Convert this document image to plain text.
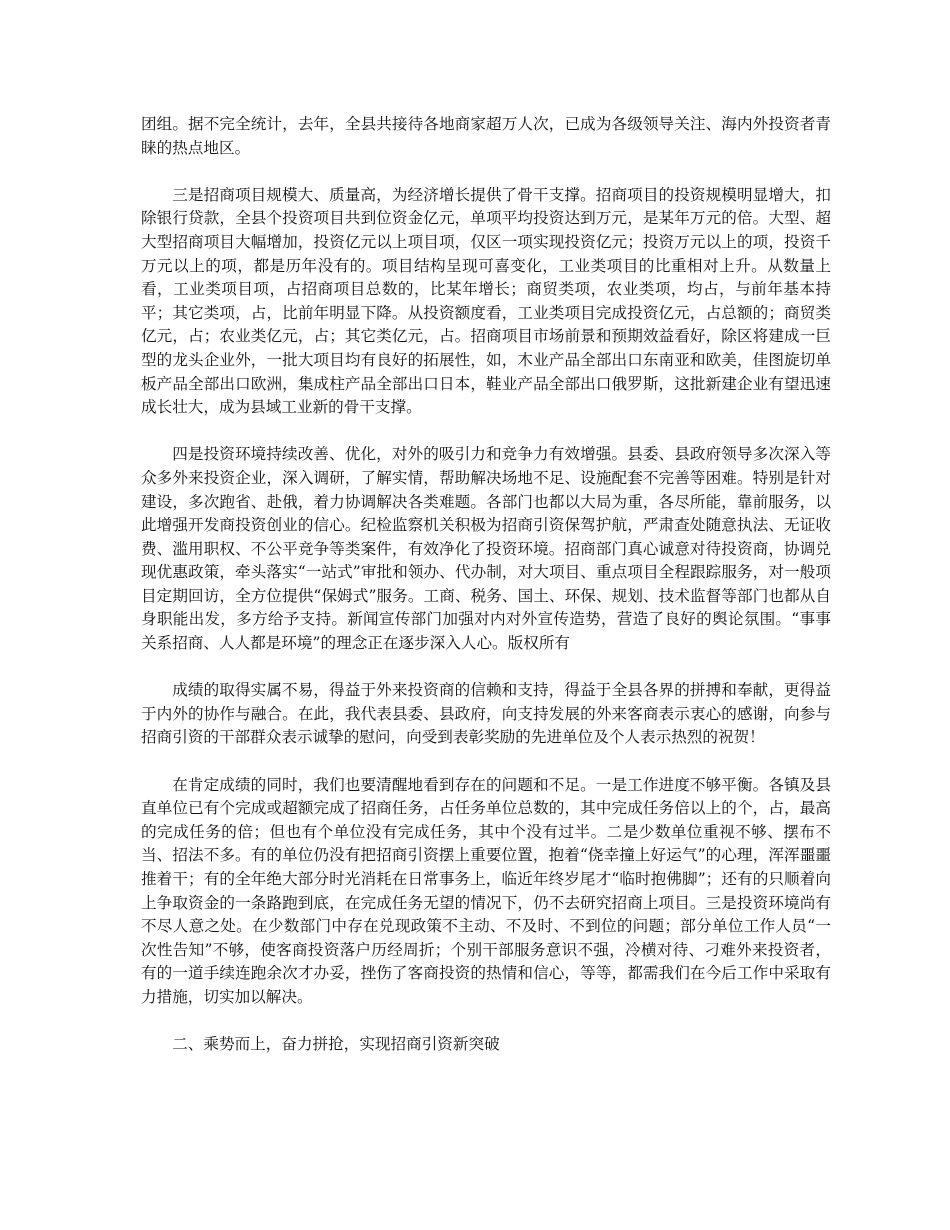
团组。据不完全统计，去年，全县共接待各地商家超万人次，已成为各级领导关注、海内外投资者青睐的热点地区。

三是招商项目规模大、质量高，为经济增长提供了骨干支撑。招商项目的投资规模明显增大，扣除银行贷款，全县个投资项目共到位资金亿元，单项平均投资达到万元，是某年万元的倍。大型、超大型招商项目大幅增加，投资亿元以上项目项，仅区一项实现投资亿元；投资万元以上的项，投资千万元以上的项，都是历年没有的。项目结构呈现可喜变化，工业类项目的比重相对上升。从数量上看，工业类项目项，占招商项目总数的，比某年增长；商贸类项，农业类项，均占，与前年基本持平；其它类项，占，比前年明显下降。从投资额度看，工业类项目完成投资亿元，占总额的；商贸类亿元，占；农业类亿元，占；其它类亿元，占。招商项目市场前景和预期效益看好，除区将建成一巨型的龙头企业外，一批大项目均有良好的拓展性，如，木业产品全部出口东南亚和欧美，佳图旋切单板产品全部出口欧洲，集成柱产品全部出口日本，鞋业产品全部出口俄罗斯，这批新建企业有望迅速成长壮大，成为县域工业新的骨干支撑。

四是投资环境持续改善、优化，对外的吸引力和竞争力有效增强。县委、县政府领导多次深入等众多外来投资企业，深入调研，了解实情，帮助解决场地不足、设施配套不完善等困难。特别是针对建设，多次跑省、赴俄，着力协调解决各类难题。各部门也都以大局为重，各尽所能，靠前服务，以此增强开发商投资创业的信心。纪检监察机关积极为招商引资保驾护航，严肃查处随意执法、无证收费、滥用职权、不公平竞争等类案件，有效净化了投资环境。招商部门真心诚意对待投资商，协调兑现优惠政策，牵头落实“一站式”审批和领办、代办制，对大项目、重点项目全程跟踪服务，对一般项目定期回访，全方位提供“保姆式”服务。工商、税务、国土、环保、规划、技术监督等部门也都从自身职能出发，多方给予支持。新闻宣传部门加强对内对外宣传造势，营造了良好的舆论氛围。“事事关系招商、人人都是环境”的理念正在逐步深入人心。版权所有

成绩的取得实属不易，得益于外来投资商的信赖和支持，得益于全县各界的拼搏和奉献，更得益于内外的协作与融合。在此，我代表县委、县政府，向支持发展的外来客商表示衷心的感谢，向参与招商引资的干部群众表示诚挚的慰问，向受到表彰奖励的先进单位及个人表示热烈的祝贺！

在肯定成绩的同时，我们也要清醒地看到存在的问题和不足。一是工作进度不够平衡。各镇及县直单位已有个完成或超额完成了招商任务，占任务单位总数的，其中完成任务倍以上的个，占，最高的完成任务的倍；但也有个单位没有完成任务，其中个没有过半。二是少数单位重视不够、摆布不当、招法不多。有的单位仍没有把招商引资摆上重要位置，抱着“侥幸撞上好运气”的心理，浑浑噩噩推着干；有的全年绝大部分时光消耗在日常事务上，临近年终岁尾才“临时抱佛脚”；还有的只顺着向上争取资金的一条路跑到底，在完成任务无望的情况下，仍不去研究招商上项目。三是投资环境尚有不尽人意之处。在少数部门中存在兑现政策不主动、不及时、不到位的问题；部分单位工作人员“一次性告知”不够，使客商投资落户历经周折；个别干部服务意识不强，冷横对待、刁难外来投资者，有的一道手续连跑余次才办妥，挫伤了客商投资的热情和信心，等等，都需我们在今后工作中采取有力措施，切实加以解决。

二、乘势而上，奋力拼抢，实现招商引资新突破
